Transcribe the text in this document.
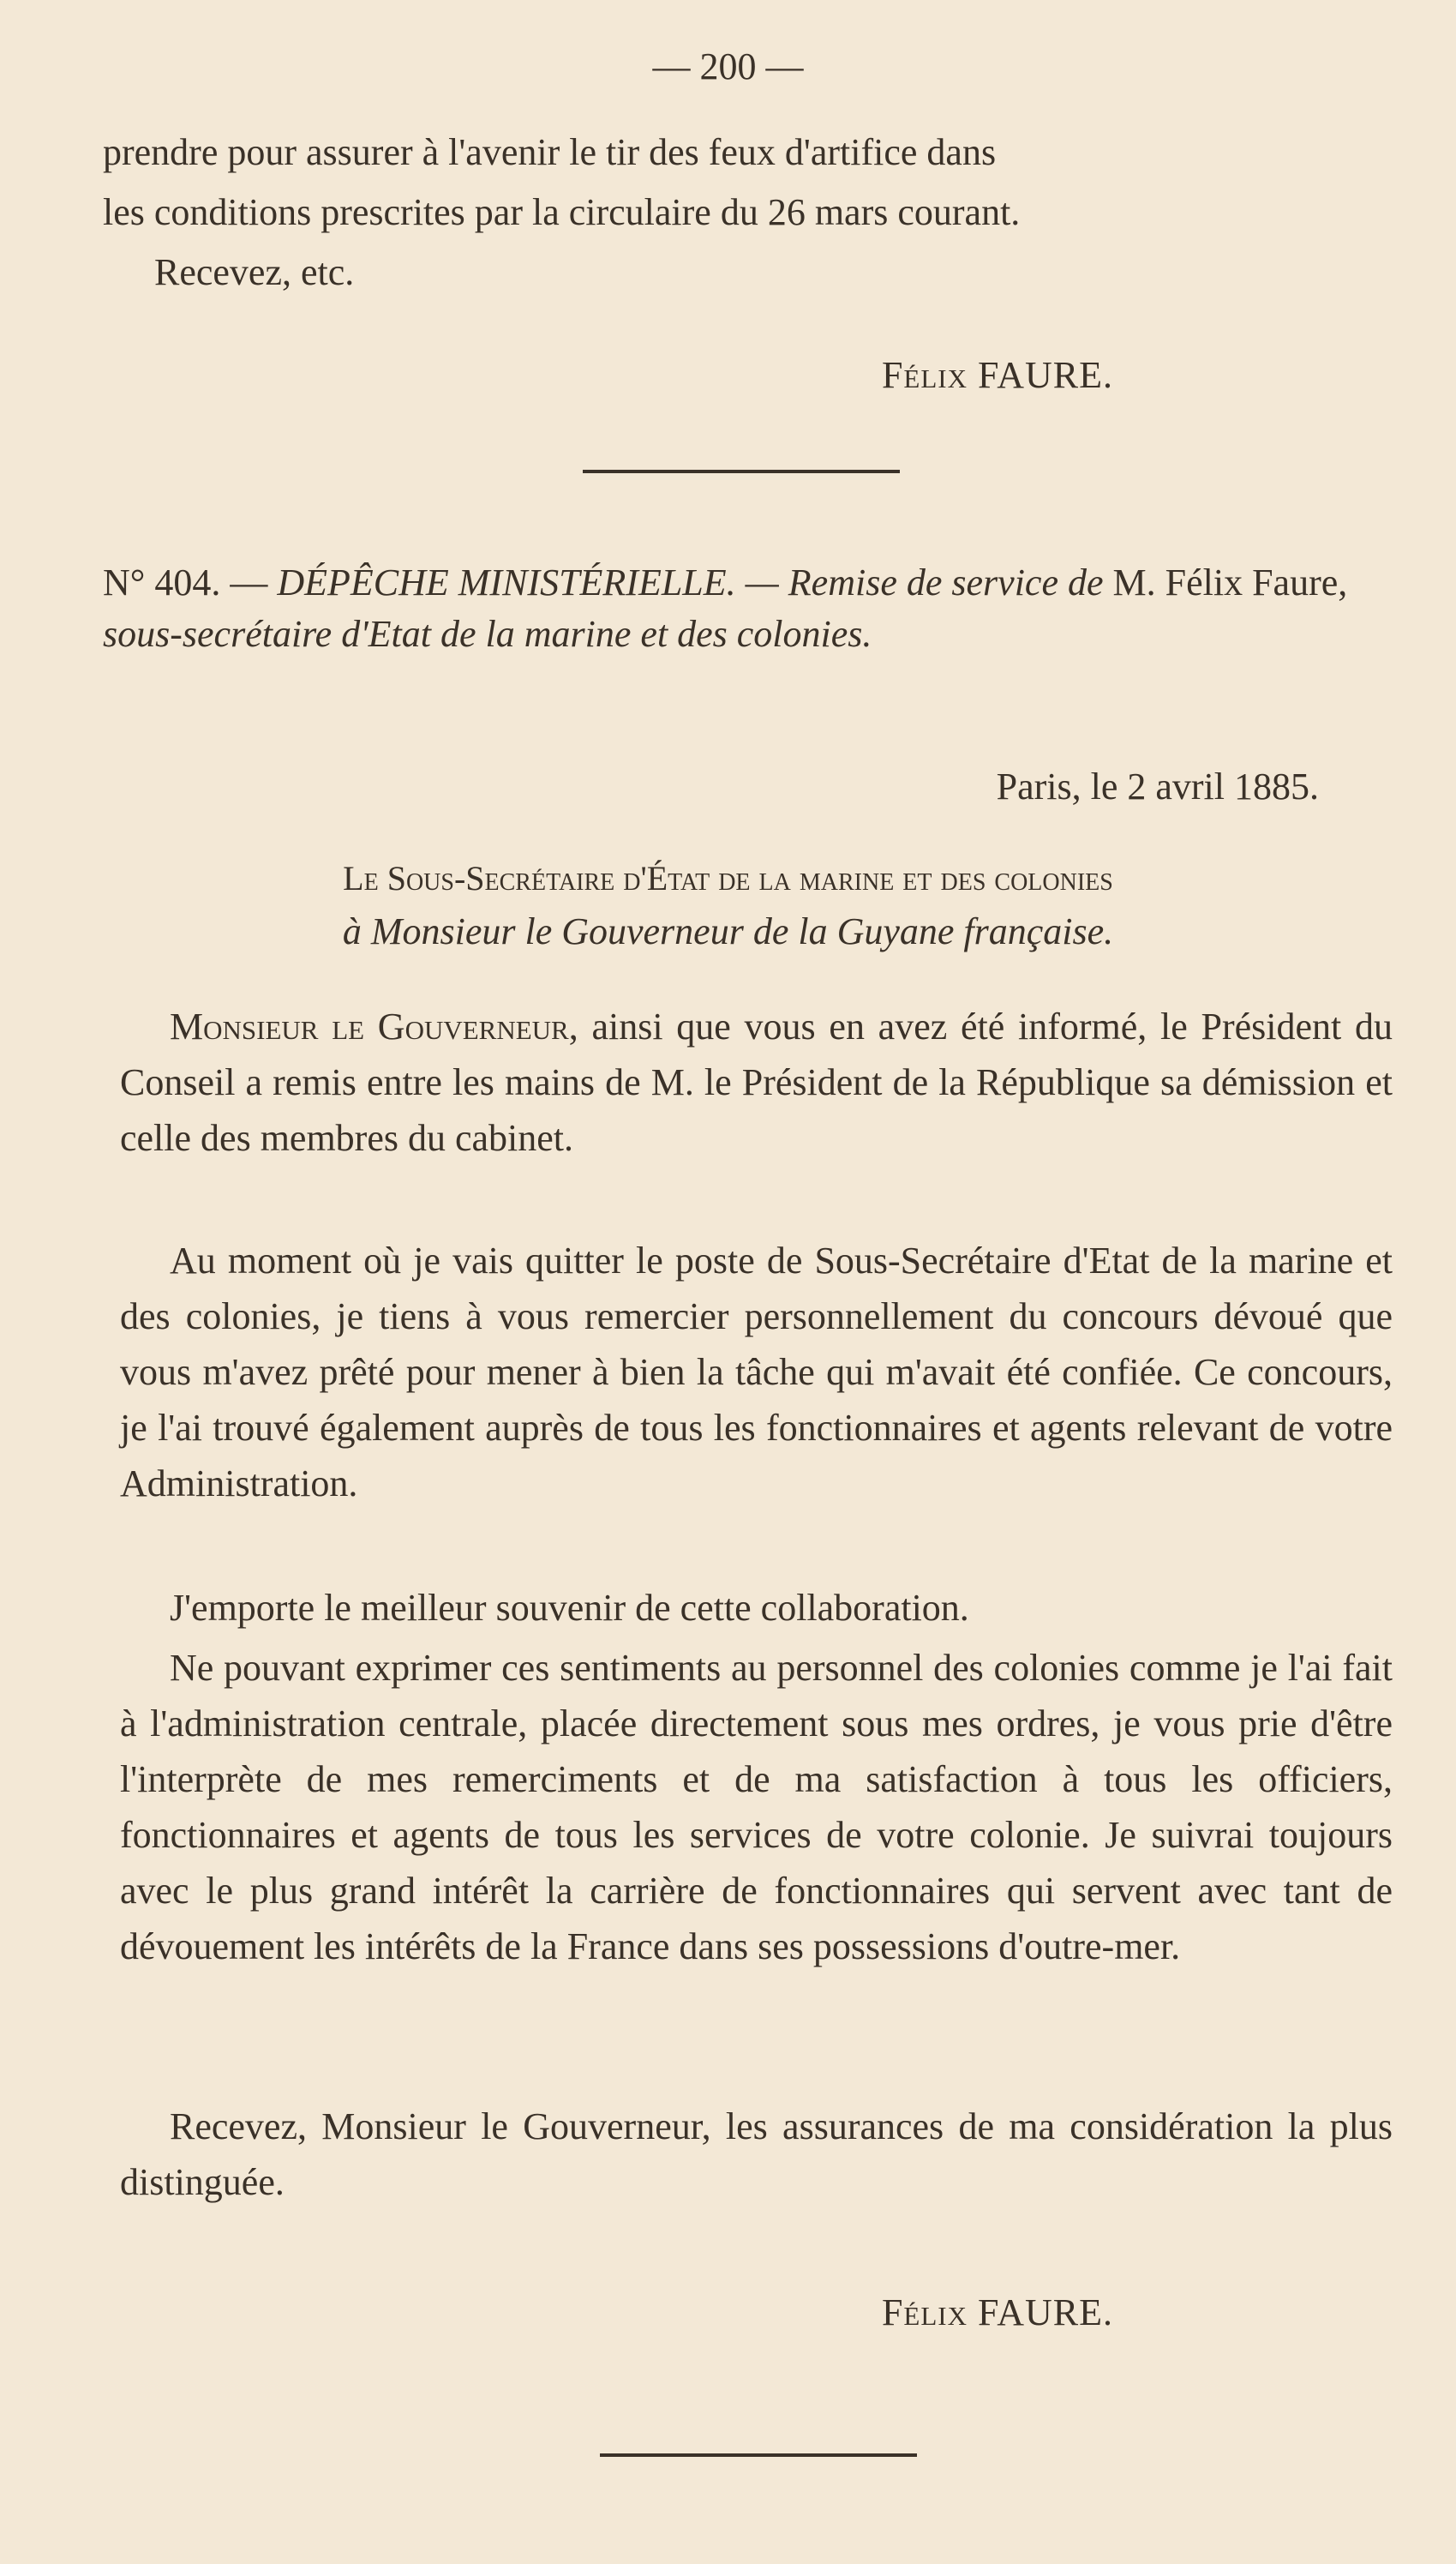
— 200 —
prendre pour assurer à l'avenir le tir des feux d'artifice dans
les conditions prescrites par la circulaire du 26 mars courant.
Recevez, etc.
Félix FAURE.
N° 404. — DÉPÊCHE MINISTÉRIELLE. — Remise de service de M. Félix Faure, sous-secrétaire d'Etat de la marine et des colonies.
Paris, le 2 avril 1885.
Le Sous-Secrétaire d'État de la marine et des colonies
à Monsieur le Gouverneur de la Guyane française.
Monsieur le Gouverneur, ainsi que vous en avez été informé, le Président du Conseil a remis entre les mains de M. le Président de la République sa démission et celle des membres du cabinet.
Au moment où je vais quitter le poste de Sous-Secrétaire d'Etat de la marine et des colonies, je tiens à vous remercier personnellement du concours dévoué que vous m'avez prêté pour mener à bien la tâche qui m'avait été confiée. Ce concours, je l'ai trouvé également auprès de tous les fonctionnaires et agents relevant de votre Administration.
J'emporte le meilleur souvenir de cette collaboration.
Ne pouvant exprimer ces sentiments au personnel des colonies comme je l'ai fait à l'administration centrale, placée directement sous mes ordres, je vous prie d'être l'interprète de mes remerciments et de ma satisfaction à tous les officiers, fonctionnaires et agents de tous les services de votre colonie. Je suivrai toujours avec le plus grand intérêt la carrière de fonctionnaires qui servent avec tant de dévouement les intérêts de la France dans ses possessions d'outre-mer.
Recevez, Monsieur le Gouverneur, les assurances de ma considération la plus distinguée.
Félix FAURE.
